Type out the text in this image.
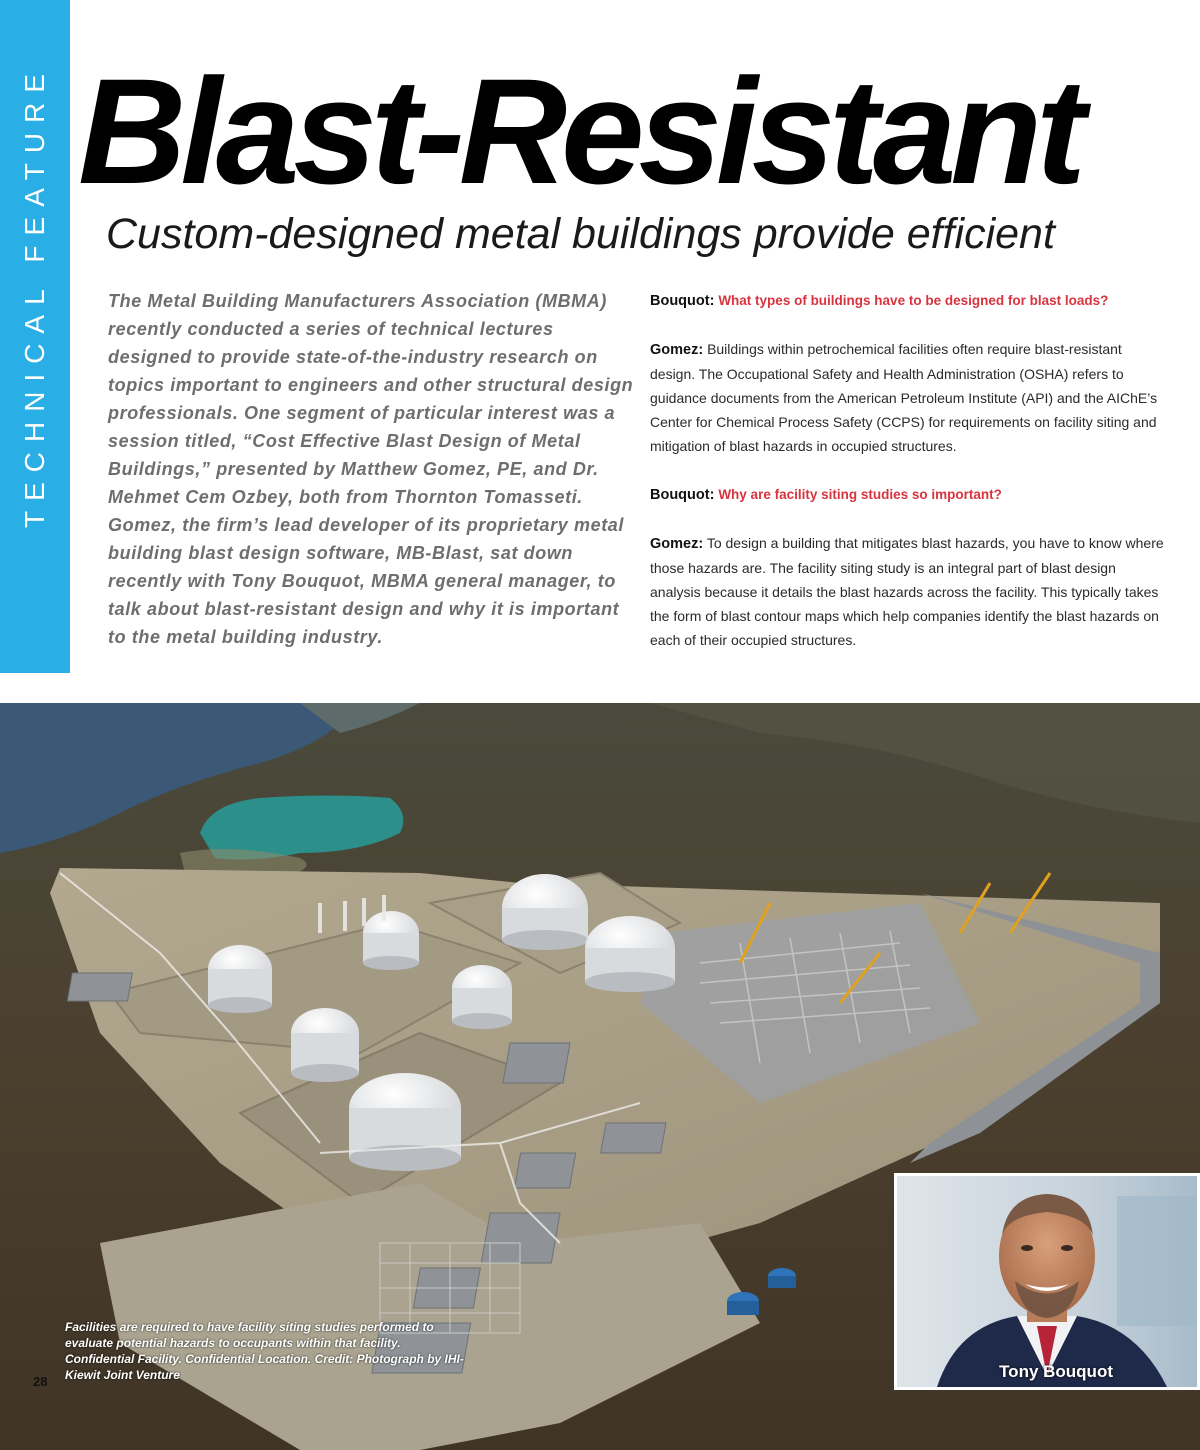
TECHNICAL FEATURE Blast-Resistant
Custom-designed metal buildings provide efficient

The Metal Building Manufacturers Association (MBMA) recently conducted a series of technical lectures designed to provide state-of-the-industry research on topics important to engineers and other structural design professionals. One segment of particular interest was a session titled, “Cost Effective Blast Design of Metal Buildings,” presented by Matthew Gomez, PE, and Dr. Mehmet Cem Ozbey, both from Thornton Tomasseti. Gomez, the firm’s lead developer of its proprietary metal building blast design software, MB-Blast, sat down recently with Tony Bouquot, MBMA general manager, to talk about blast-resistant design and why it is important to the metal building industry.

Bouquot: What types of buildings have to be designed for blast loads?

Gomez: Buildings within petrochemical facilities often require blast-resistant design. The Occupational Safety and Health Administration (OSHA) refers to guidance documents from the American Petroleum Institute (API) and the AIChE’s Center for Chemical Process Safety (CCPS) for requirements on facility siting and mitigation of blast hazards in occupied structures.

Bouquot: Why are facility siting studies so important?

Gomez: To design a building that mitigates blast hazards, you have to know where those hazards are. The facility siting study is an integral part of blast design analysis because it details the blast hazards across the facility. This typically takes the form of blast contour maps which help companies identify the blast hazards on each of their occupied structures.

Facilities are required to have facility siting studies performed to evaluate potential hazards to occupants within that facility. Confidential Facility. Confidential Location. Credit: Photograph by IHI-Kiewit Joint Venture

28
Tony Bouquot
